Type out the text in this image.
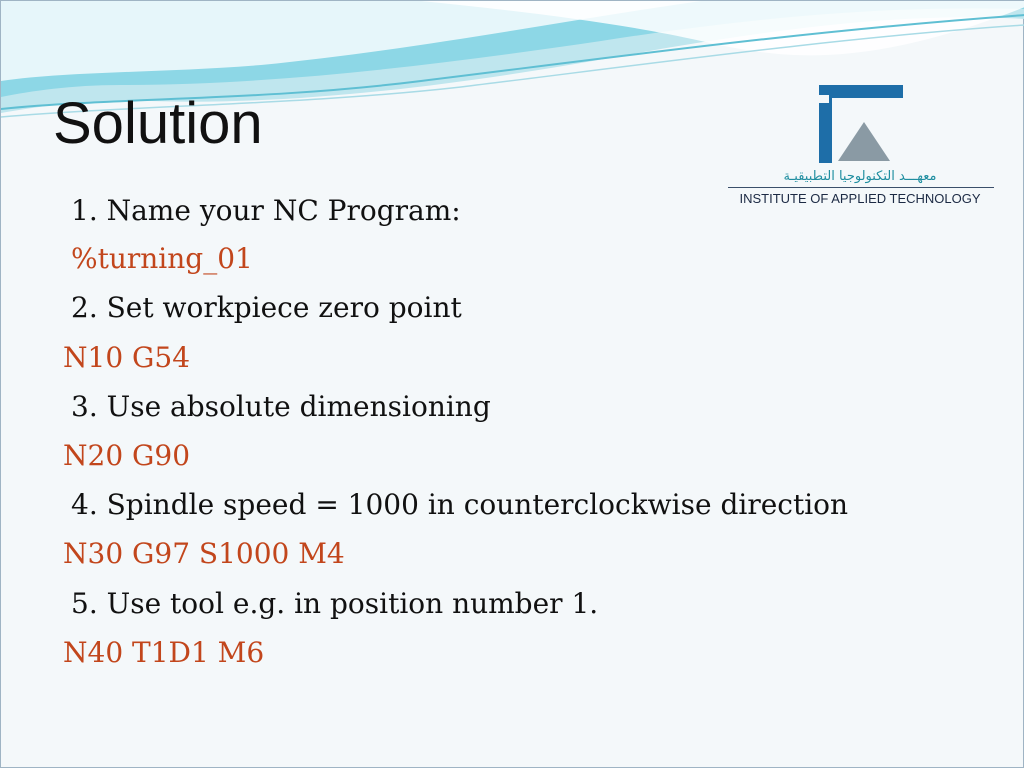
Solution
معهـــد التكنولوجيا التطبيقيـة
INSTITUTE OF APPLIED TECHNOLOGY
1. Name your NC Program:
%turning_01
2. Set workpiece zero point
N10 G54
3. Use absolute dimensioning
N20 G90
4. Spindle speed = 1000 in counterclockwise direction
N30 G97 S1000 M4
5. Use tool e.g. in position number 1.
N40 T1D1 M6
